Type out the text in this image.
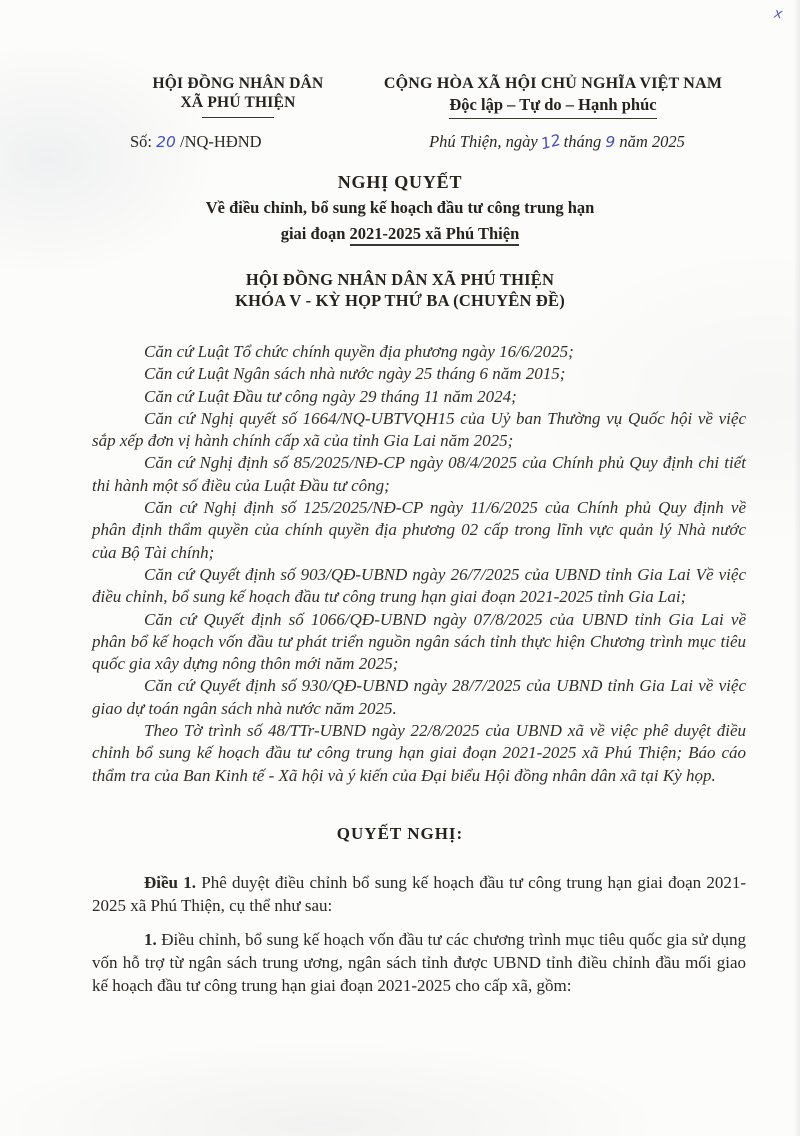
x
HỘI ĐỒNG NHÂN DÂN
XÃ PHÚ THIỆN
CỘNG HÒA XÃ HỘI CHỦ NGHĨA VIỆT NAM
Độc lập – Tự do – Hạnh phúc
Số: 20 /NQ-HĐND	Phú Thiện, ngày 12 tháng 9 năm 2025
NGHỊ QUYẾT
Về điều chỉnh, bổ sung kế hoạch đầu tư công trung hạn
giai đoạn 2021-2025 xã Phú Thiện
HỘI ĐỒNG NHÂN DÂN XÃ PHÚ THIỆN
KHÓA V - KỲ HỌP THỨ BA (CHUYÊN ĐỀ)

Căn cứ Luật Tổ chức chính quyền địa phương ngày 16/6/2025;

Căn cứ Luật Ngân sách nhà nước ngày 25 tháng 6 năm 2015;

Căn cứ Luật Đầu tư công ngày 29 tháng 11 năm 2024;

Căn cứ Nghị quyết số 1664/NQ-UBTVQH15 của Uỷ ban Thường vụ Quốc hội về việc sắp xếp đơn vị hành chính cấp xã của tỉnh Gia Lai năm 2025;

Căn cứ Nghị định số 85/2025/NĐ-CP ngày 08/4/2025 của Chính phủ Quy định chi tiết thi hành một số điều của Luật Đầu tư công;

Căn cứ Nghị định số 125/2025/NĐ-CP ngày 11/6/2025 của Chính phủ Quy định về phân định thẩm quyền của chính quyền địa phương 02 cấp trong lĩnh vực quản lý Nhà nước của Bộ Tài chính;

Căn cứ Quyết định số 903/QĐ-UBND ngày 26/7/2025 của UBND tỉnh Gia Lai Về việc điều chỉnh, bổ sung kế hoạch đầu tư công trung hạn giai đoạn 2021-2025 tỉnh Gia Lai;

Căn cứ Quyết định số 1066/QĐ-UBND ngày 07/8/2025 của UBND tỉnh Gia Lai về phân bổ kế hoạch vốn đầu tư phát triển nguồn ngân sách tỉnh thực hiện Chương trình mục tiêu quốc gia xây dựng nông thôn mới năm 2025;

Căn cứ Quyết định số 930/QĐ-UBND ngày 28/7/2025 của UBND tỉnh Gia Lai về việc giao dự toán ngân sách nhà nước năm 2025.

Theo Tờ trình số 48/TTr-UBND ngày 22/8/2025 của UBND xã về việc phê duyệt điều chỉnh bổ sung kế hoạch đầu tư công trung hạn giai đoạn 2021-2025 xã Phú Thiện; Báo cáo thẩm tra của Ban Kinh tế - Xã hội và ý kiến của Đại biểu Hội đồng nhân dân xã tại Kỳ họp.

QUYẾT NGHỊ:

Điều 1. Phê duyệt điều chỉnh bổ sung kế hoạch đầu tư công trung hạn giai đoạn 2021-2025 xã Phú Thiện, cụ thể như sau:

1. Điều chỉnh, bổ sung kế hoạch vốn đầu tư các chương trình mục tiêu quốc gia sử dụng vốn hỗ trợ từ ngân sách trung ương, ngân sách tỉnh được UBND tỉnh điều chỉnh đầu mối giao kế hoạch đầu tư công trung hạn giai đoạn 2021-2025 cho cấp xã, gồm:
